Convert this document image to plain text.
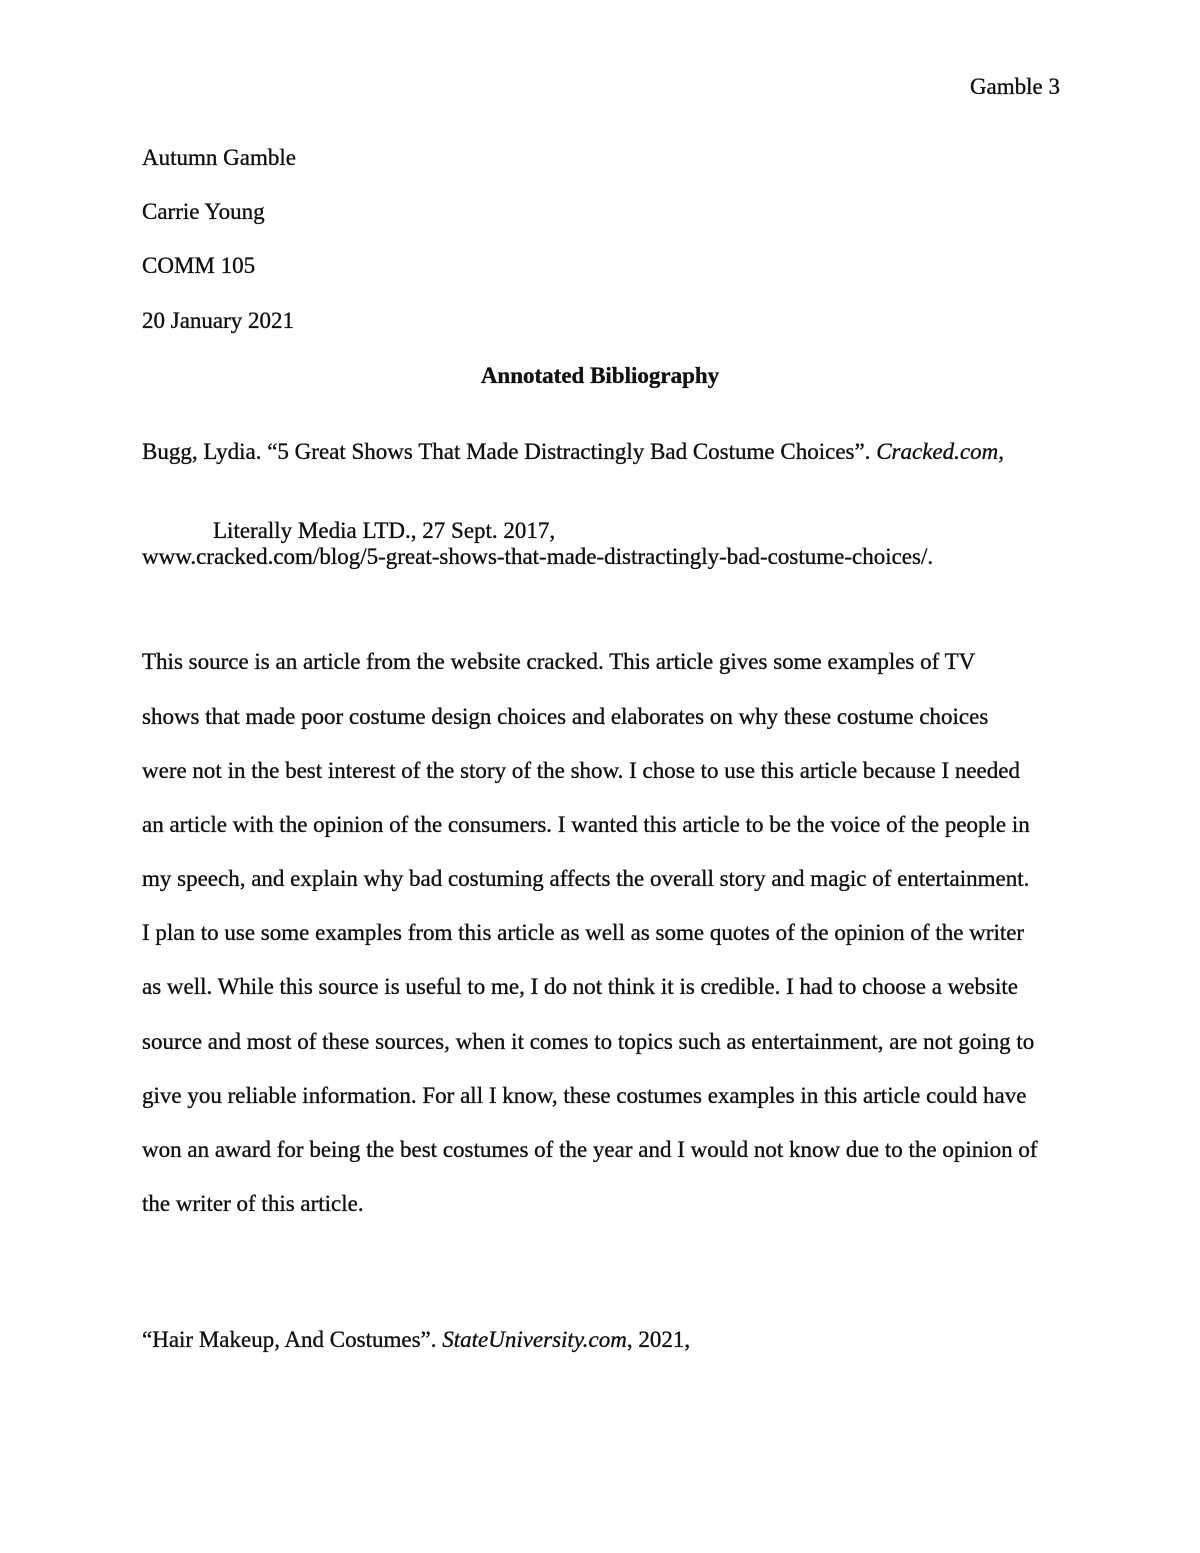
Gamble 3
Autumn Gamble
Carrie Young
COMM 105
20 January 2021
Annotated Bibliography
Bugg, Lydia. “5 Great Shows That Made Distractingly Bad Costume Choices”. Cracked.com,
Literally Media LTD., 27 Sept. 2017,
www.cracked.com/blog/5-great-shows-that-made-distractingly-bad-costume-choices/.
This source is an article from the website cracked. This article gives some examples of TV
shows that made poor costume design choices and elaborates on why these costume choices
were not in the best interest of the story of the show. I chose to use this article because I needed
an article with the opinion of the consumers. I wanted this article to be the voice of the people in
my speech, and explain why bad costuming affects the overall story and magic of entertainment.
I plan to use some examples from this article as well as some quotes of the opinion of the writer
as well. While this source is useful to me, I do not think it is credible. I had to choose a website
source and most of these sources, when it comes to topics such as entertainment, are not going to
give you reliable information. For all I know, these costumes examples in this article could have
won an award for being the best costumes of the year and I would not know due to the opinion of
the writer of this article.
“Hair Makeup, And Costumes”. StateUniversity.com, 2021,
